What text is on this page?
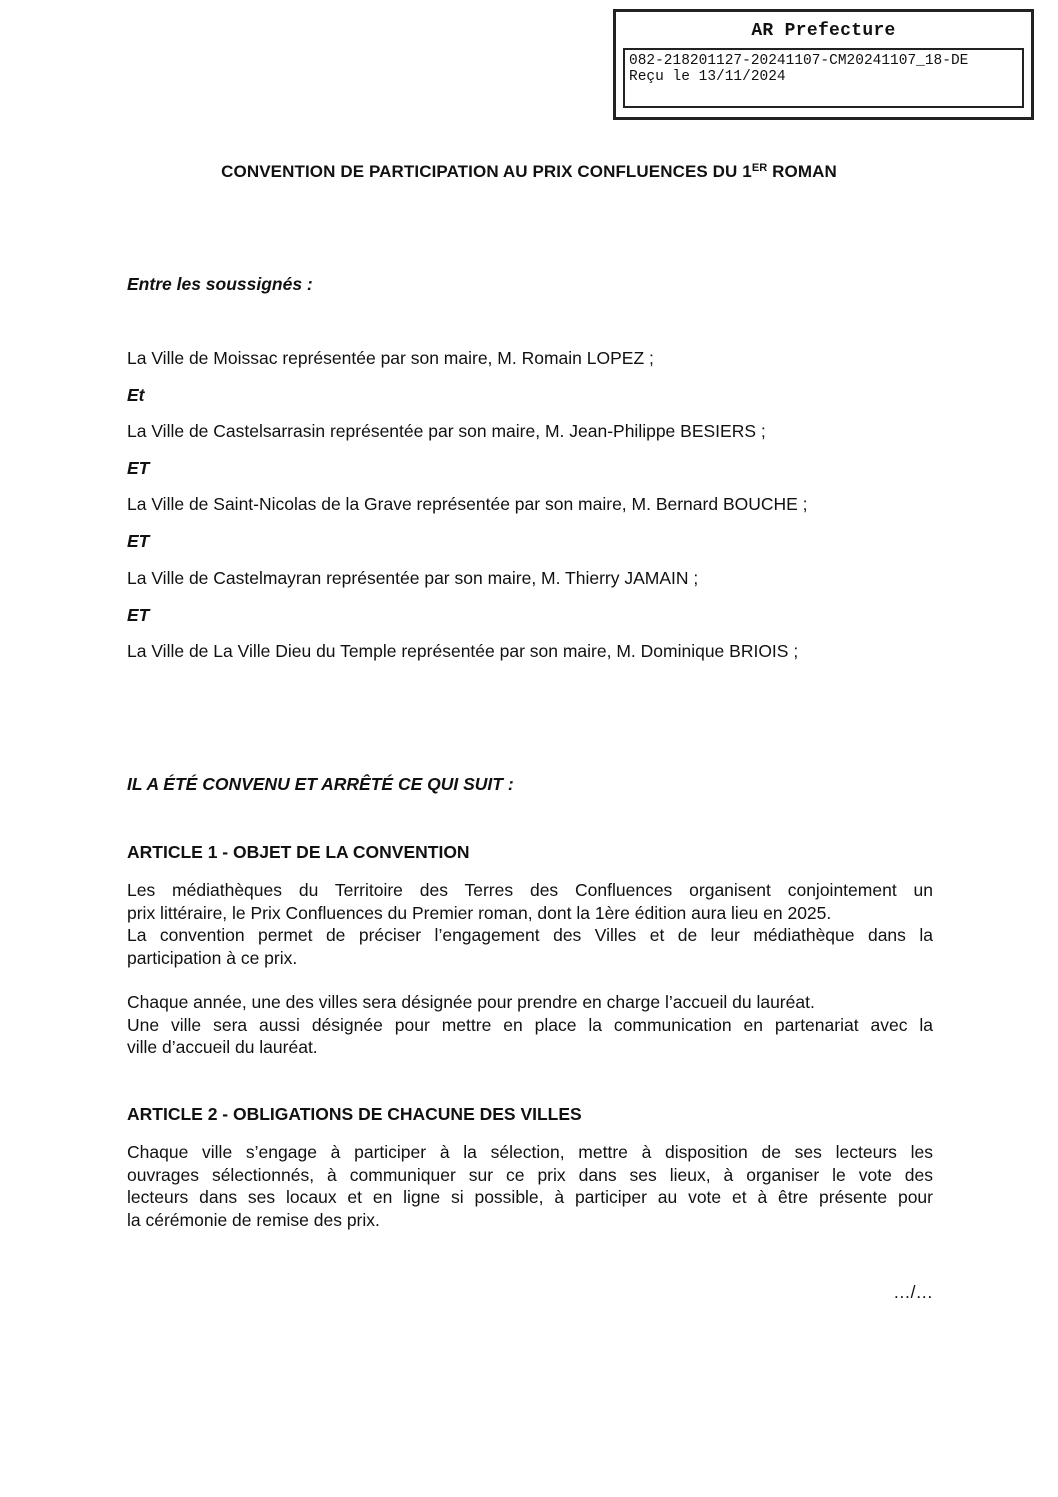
AR Prefecture
082-218201127-20241107-CM20241107_18-DE
Reçu le 13/11/2024
CONVENTION DE PARTICIPATION AU PRIX CONFLUENCES DU 1ER ROMAN
Entre les soussignés :
La Ville de Moissac représentée par son maire, M. Romain LOPEZ ;
Et
La Ville de Castelsarrasin représentée par son maire, M. Jean-Philippe BESIERS ;
ET
La Ville de Saint-Nicolas de la Grave représentée par son maire, M. Bernard BOUCHE ;
ET
La Ville de Castelmayran représentée par son maire, M. Thierry JAMAIN ;
ET
La Ville de La Ville Dieu du Temple représentée par son maire, M. Dominique BRIOIS ;
IL A ÉTÉ CONVENU ET ARRÊTÉ CE QUI SUIT :
ARTICLE 1 - OBJET DE LA CONVENTION

Les médiathèques du Territoire des Terres des Confluences organisent conjointement un

prix littéraire, le Prix Confluences du Premier roman, dont la 1ère édition aura lieu en 2025.

La convention permet de préciser l’engagement des Villes et de leur médiathèque dans la

participation à ce prix.

Chaque année, une des villes sera désignée pour prendre en charge l’accueil du lauréat.

Une ville sera aussi désignée pour mettre en place la communication en partenariat avec la

ville d’accueil du lauréat.

ARTICLE 2 - OBLIGATIONS DE CHACUNE DES VILLES

Chaque ville s’engage à participer à la sélection, mettre à disposition de ses lecteurs les

ouvrages sélectionnés, à communiquer sur ce prix dans ses lieux, à organiser le vote des

lecteurs dans ses locaux et en ligne si possible, à participer au vote et à être présente pour

la cérémonie de remise des prix.

…/…
